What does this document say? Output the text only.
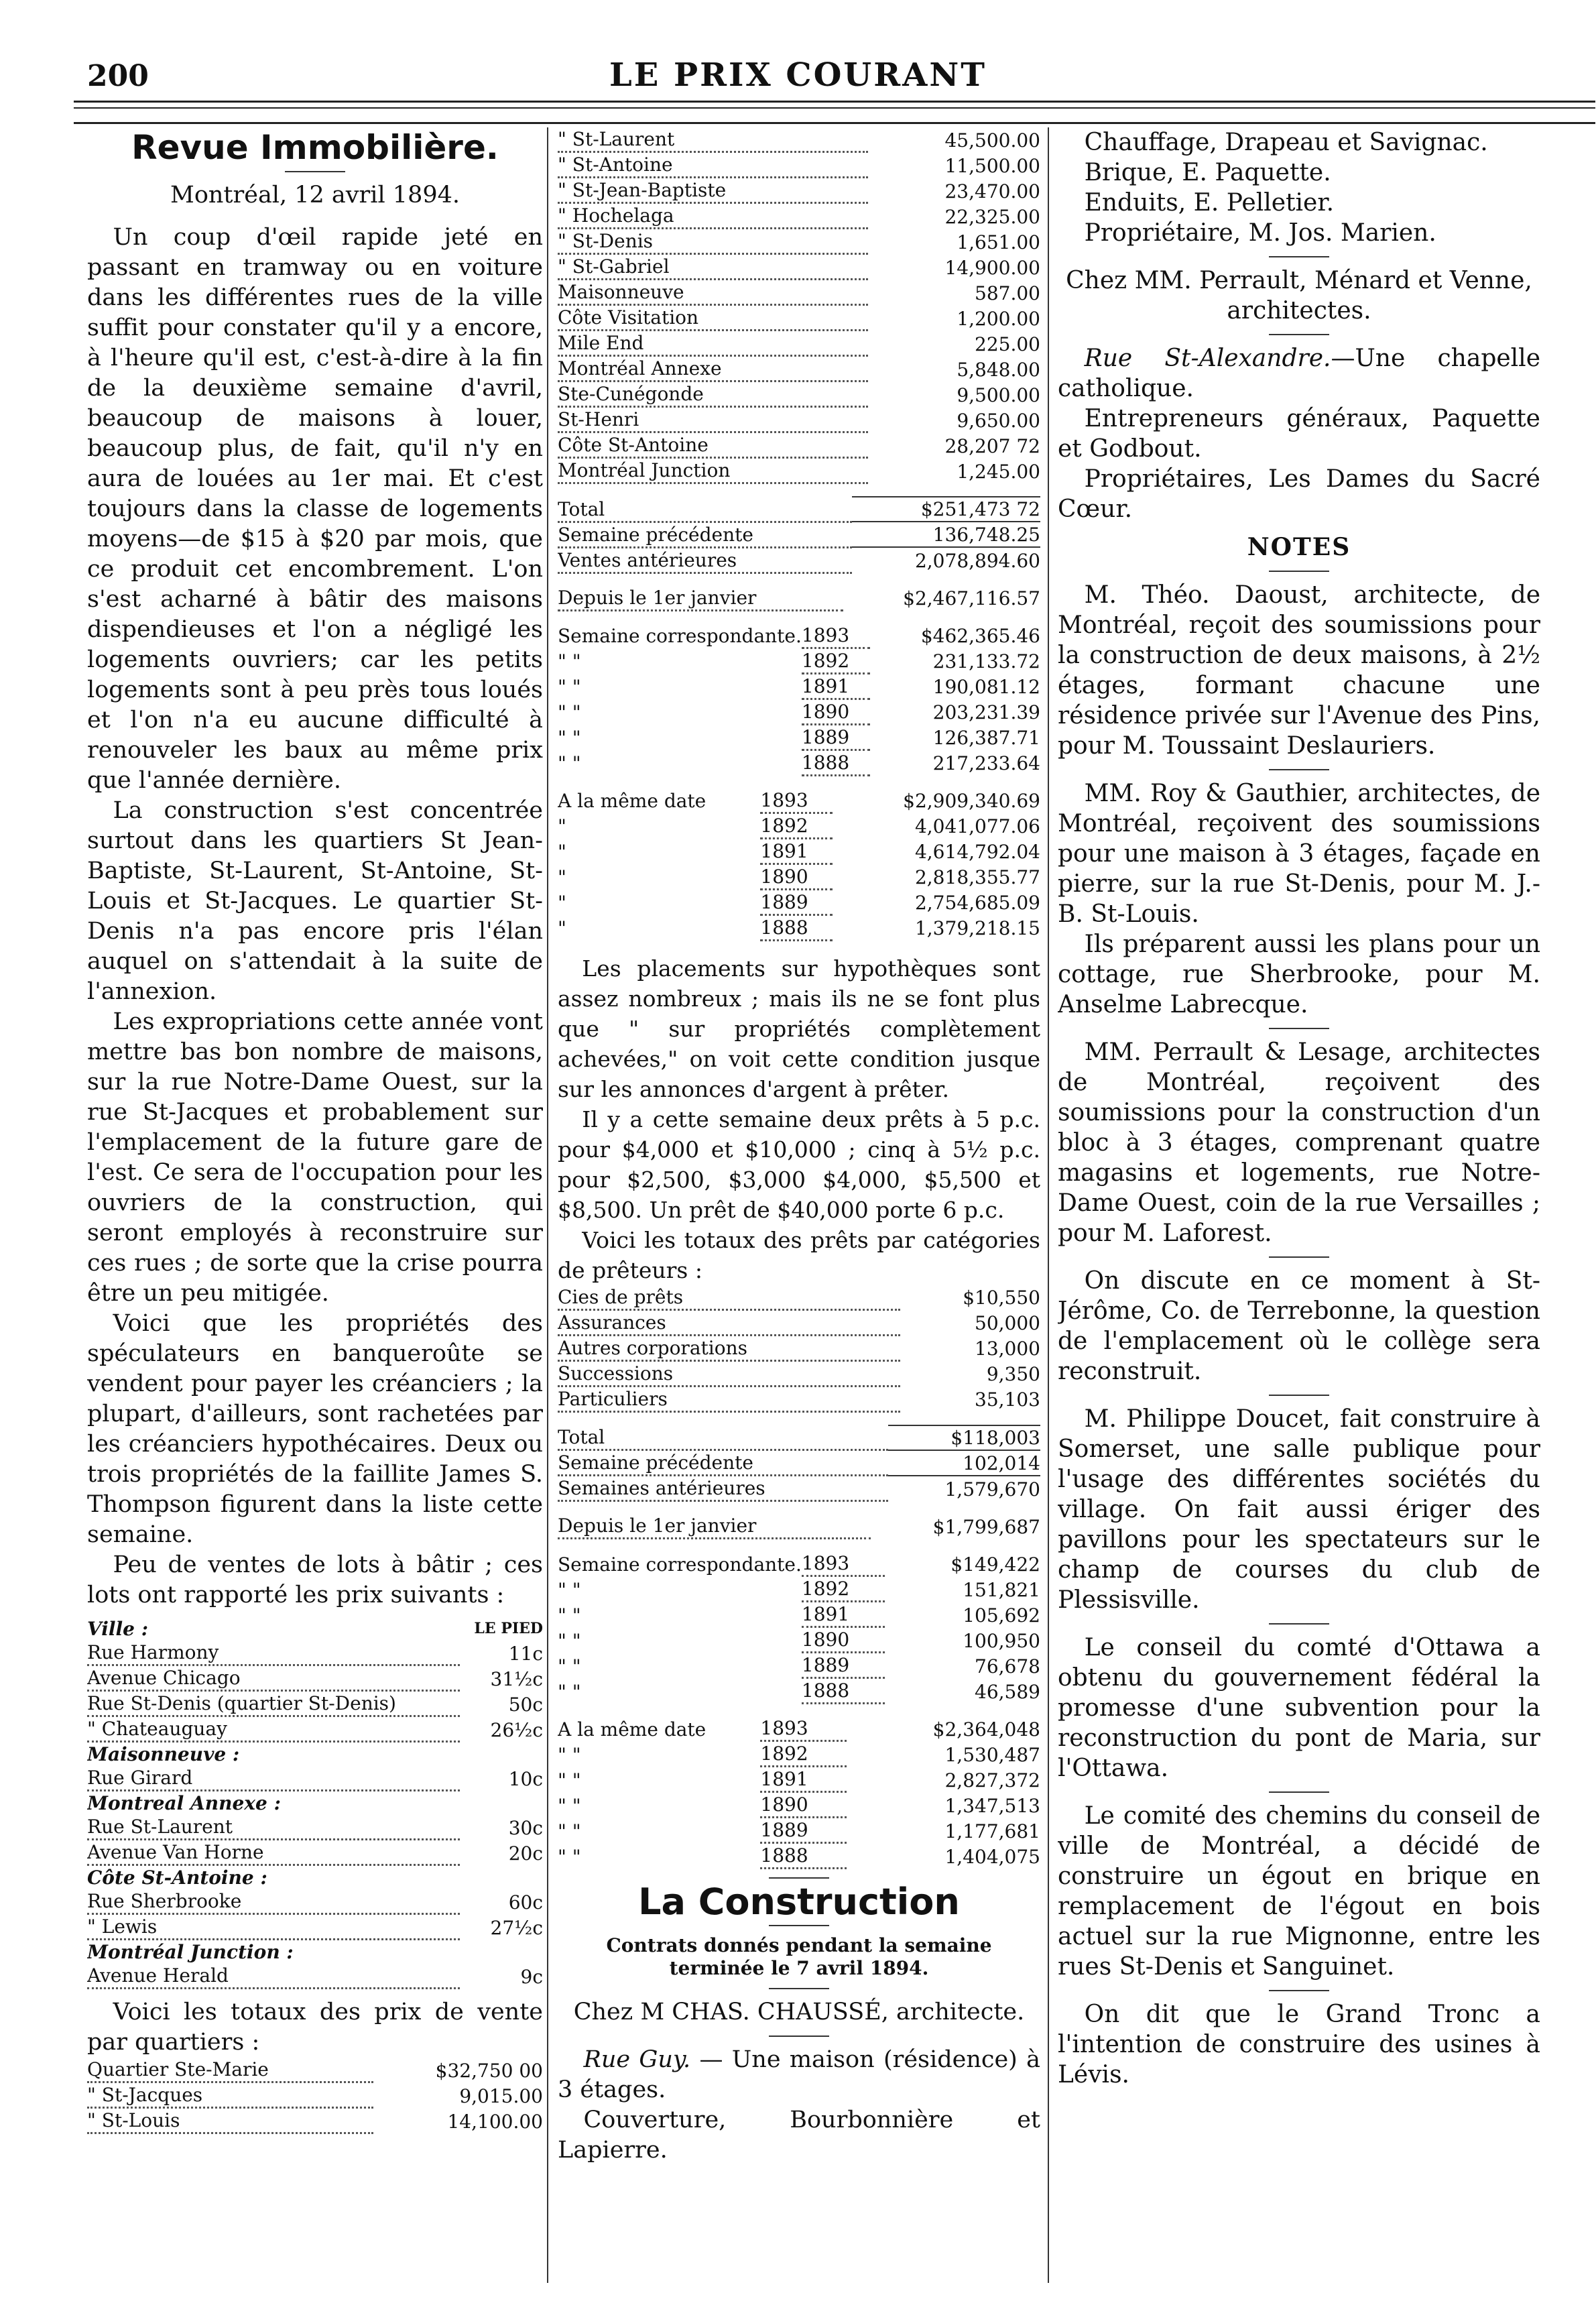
200	LE PRIX COURANT
Revue Immobilière.

Montréal, 12 avril 1894.

Un coup d'œil rapide jeté en passant en tramway ou en voiture dans les différentes rues de la ville suffit pour constater qu'il y a encore, à l'heure qu'il est, c'est-à-dire à la fin de la deuxième semaine d'avril, beaucoup de maisons à louer, beaucoup plus, de fait, qu'il n'y en aura de louées au 1er mai. Et c'est toujours dans la classe de logements moyens—de $15 à $20 par mois, que ce produit cet encombrement. L'on s'est acharné à bâtir des maisons dispendieuses et l'on a négligé les logements ouvriers; car les petits logements sont à peu près tous loués et l'on n'a eu aucune difficulté à renouveler les baux au même prix que l'année dernière.

La construction s'est concentrée surtout dans les quartiers St Jean-Baptiste, St-Laurent, St-Antoine, St-Louis et St-Jacques. Le quartier St-Denis n'a pas encore pris l'élan auquel on s'attendait à la suite de l'annexion.

Les expropriations cette année vont mettre bas bon nombre de maisons, sur la rue Notre-Dame Ouest, sur la rue St-Jacques et probablement sur l'emplacement de la future gare de l'est. Ce sera de l'occupation pour les ouvriers de la construction, qui seront employés à reconstruire sur ces rues ; de sorte que la crise pourra être un peu mitigée.

Voici que les propriétés des spéculateurs en banqueroûte se vendent pour payer les créanciers ; la plupart, d'ailleurs, sont rachetées par les créanciers hypothécaires. Deux ou trois propriétés de la faillite James S. Thompson figurent dans la liste cette semaine.

Peu de ventes de lots à bâtir ; ces lots ont rapporté les prix suivants :

Ville :	LE PIED
Rue Harmony	11c
Avenue Chicago	31½c
Rue St-Denis (quartier St-Denis)	50c
" Chateauguay	26½c
Maisonneuve :	
Rue Girard	10c
Montreal Annexe :	
Rue St-Laurent	30c
Avenue Van Horne	20c
Côte St-Antoine :	
Rue Sherbrooke	60c
" Lewis	27½c
Montréal Junction :	
Avenue Herald	9c

Voici les totaux des prix de vente par quartiers :

Quartier Ste-Marie	$32,750 00
" St-Jacques	9,015.00
" St-Louis	14,100.00
" St-Laurent	45,500.00
" St-Antoine	11,500.00
" St-Jean-Baptiste	23,470.00
" Hochelaga	22,325.00
" St-Denis	1,651.00
" St-Gabriel	14,900.00
Maisonneuve	587.00
Côte Visitation	1,200.00
Mile End	225.00
Montréal Annexe	5,848.00
Ste-Cunégonde	9,500.00
St-Henri	9,650.00
Côte St-Antoine	28,207 72
Montréal Junction	1,245.00
Total	$251,473 72
Semaine précédente	136,748.25
Ventes antérieures	2,078,894.60
Depuis le 1er janvier	$2,467,116.57
Semaine correspondante.	1893	$462,365.46
" "	1892	231,133.72
" "	1891	190,081.12
" "	1890	203,231.39
" "	1889	126,387.71
" "	1888	217,233.64
A la même date	1893	$2,909,340.69
"	1892	4,041,077.06
"	1891	4,614,792.04
"	1890	2,818,355.77
"	1889	2,754,685.09
"	1888	1,379,218.15

Les placements sur hypothèques sont assez nombreux ; mais ils ne se font plus que " sur propriétés complètement achevées," on voit cette condition jusque sur les annonces d'argent à prêter.

Il y a cette semaine deux prêts à 5 p.c. pour $4,000 et $10,000 ; cinq à 5½ p.c. pour $2,500, $3,000 $4,000, $5,500 et $8,500. Un prêt de $40,000 porte 6 p.c.

Voici les totaux des prêts par catégories de prêteurs :

Cies de prêts	$10,550
Assurances	50,000
Autres corporations	13,000
Successions	9,350
Particuliers	35,103
Total	$118,003
Semaine précédente	102,014
Semaines antérieures	1,579,670
Depuis le 1er janvier	$1,799,687
Semaine correspondante.	1893	$149,422
" "	1892	151,821
" "	1891	105,692
" "	1890	100,950
" "	1889	76,678
" "	1888	46,589
A la même date	1893	$2,364,048
" "	1892	1,530,487
" "	1891	2,827,372
" "	1890	1,347,513
" "	1889	1,177,681
" "	1888	1,404,075
La Construction
Contrats donnés pendant la semaine terminée le 7 avril 1894.

Chez M CHAS. CHAUSSÉ, architecte.

Rue Guy. — Une maison (résidence) à 3 étages.

Couverture, Bourbonnière et Lapierre.

Chauffage, Drapeau et Savignac.

Brique, E. Paquette.

Enduits, E. Pelletier.

Propriétaire, M. Jos. Marien.

Chez MM. Perrault, Ménard et Venne, architectes.

Rue St-Alexandre.—Une chapelle catholique.

Entrepreneurs généraux, Paquette et Godbout.

Propriétaires, Les Dames du Sacré Cœur.

NOTES

M. Théo. Daoust, architecte, de Montréal, reçoit des soumissions pour la construction de deux maisons, à 2½ étages, formant chacune une résidence privée sur l'Avenue des Pins, pour M. Toussaint Deslauriers.

MM. Roy & Gauthier, architectes, de Montréal, reçoivent des soumissions pour une maison à 3 étages, façade en pierre, sur la rue St-Denis, pour M. J.-B. St-Louis.

Ils préparent aussi les plans pour un cottage, rue Sherbrooke, pour M. Anselme Labrecque.

MM. Perrault & Lesage, architectes de Montréal, reçoivent des soumissions pour la construction d'un bloc à 3 étages, comprenant quatre magasins et logements, rue Notre-Dame Ouest, coin de la rue Versailles ; pour M. Laforest.

On discute en ce moment à St-Jérôme, Co. de Terrebonne, la question de l'emplacement où le collège sera reconstruit.

M. Philippe Doucet, fait construire à Somerset, une salle publique pour l'usage des différentes sociétés du village. On fait aussi ériger des pavillons pour les spectateurs sur le champ de courses du club de Plessisville.

Le conseil du comté d'Ottawa a obtenu du gouvernement fédéral la promesse d'une subvention pour la reconstruction du pont de Maria, sur l'Ottawa.

Le comité des chemins du conseil de ville de Montréal, a décidé de construire un égout en brique en remplacement de l'égout en bois actuel sur la rue Mignonne, entre les rues St-Denis et Sanguinet.

On dit que le Grand Tronc a l'intention de construire des usines à Lévis.
